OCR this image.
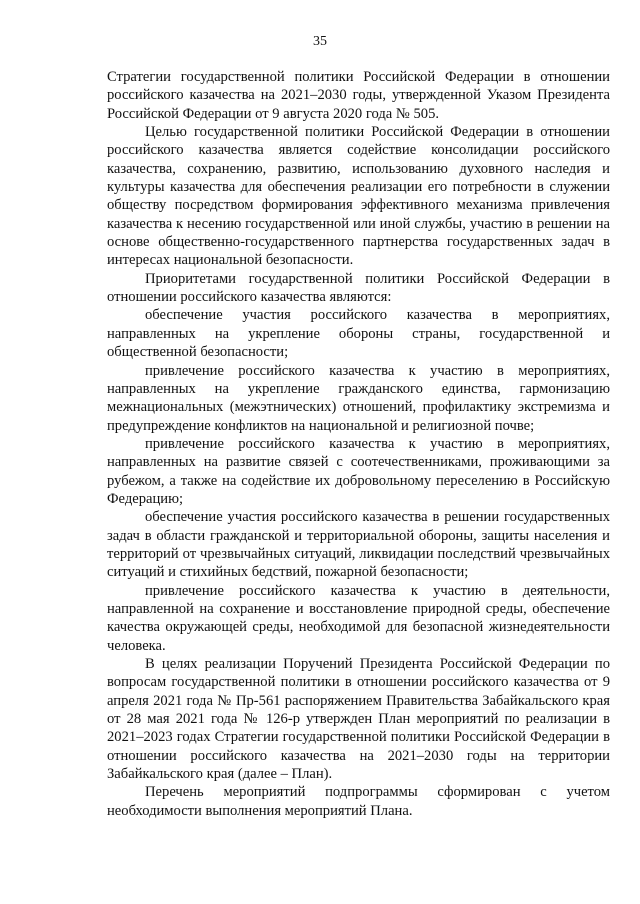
35

Стратегии государственной политики Российской Федерации в отношении российского казачества на 2021–2030 годы, утвержденной Указом Президента Российской Федерации от 9 августа 2020 года № 505.

Целью государственной политики Российской Федерации в отношении российского казачества является содействие консолидации российского казачества, сохранению, развитию, использованию духовного наследия и культуры казачества для обеспечения реализации его потребности в служении обществу посредством формирования эффективного механизма привлечения казачества к несению государственной или иной службы, участию в решении на основе общественно-государственного партнерства государственных задач в интересах национальной безопасности.

Приоритетами государственной политики Российской Федерации в отношении российского казачества являются:

обеспечение участия российского казачества в мероприятиях, направленных на укрепление обороны страны, государственной и общественной безопасности;

привлечение российского казачества к участию в мероприятиях, направленных на укрепление гражданского единства, гармонизацию межнациональных (межэтнических) отношений, профилактику экстремизма и предупреждение конфликтов на национальной и религиозной почве;

привлечение российского казачества к участию в мероприятиях, направленных на развитие связей с соотечественниками, проживающими за рубежом, а также на содействие их добровольному переселению в Российскую Федерацию;

обеспечение участия российского казачества в решении государственных задач в области гражданской и территориальной обороны, защиты населения и территорий от чрезвычайных ситуаций, ликвидации последствий чрезвычайных ситуаций и стихийных бедствий, пожарной безопасности;

привлечение российского казачества к участию в деятельности, направленной на сохранение и восстановление природной среды, обеспечение качества окружающей среды, необходимой для безопасной жизнедеятельности человека.

В целях реализации Поручений Президента Российской Федерации по вопросам государственной политики в отношении российского казачества от 9 апреля 2021 года № Пр-561 распоряжением Правительства Забайкальского края от 28 мая 2021 года № 126-р утвержден План мероприятий по реализации в 2021–2023 годах Стратегии государственной политики Российской Федерации в отношении российского казачества на 2021–2030 годы на территории Забайкальского края (далее – План).

Перечень мероприятий подпрограммы сформирован с учетом необходимости выполнения мероприятий Плана.
